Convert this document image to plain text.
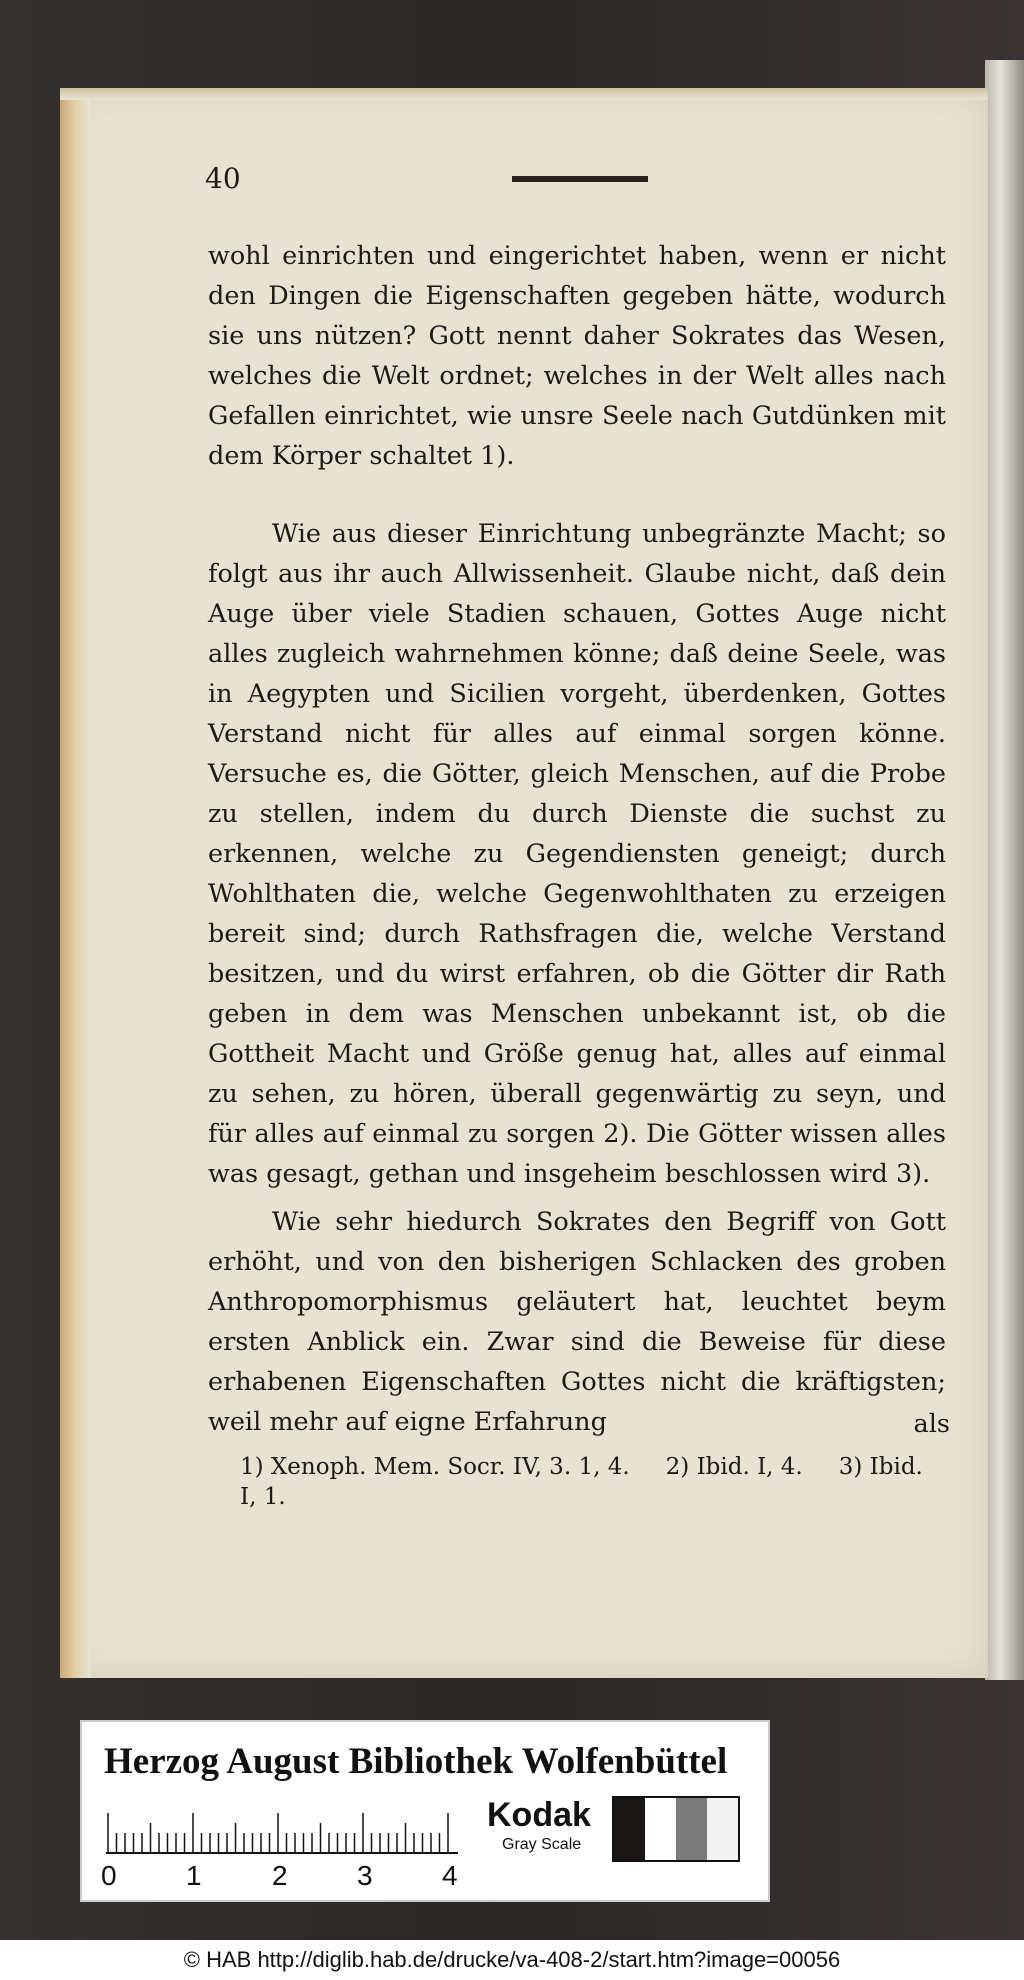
40

wohl einrichten und eingerichtet haben, wenn er nicht den Dingen die Eigenschaften gegeben hätte, wodurch sie uns nützen? Gott nennt daher Sokrates das Wesen, welches die Welt ordnet; welches in der Welt alles nach Gefallen einrichtet, wie unsre Seele nach Gutdünken mit dem Körper schaltet 1).

Wie aus dieser Einrichtung unbegränzte Macht; so folgt aus ihr auch Allwissenheit. Glaube nicht, daß dein Auge über viele Stadien schauen, Gottes Auge nicht alles zugleich wahrnehmen könne; daß deine Seele, was in Aegypten und Sicilien vorgeht, überdenken, Gottes Verstand nicht für alles auf einmal sorgen könne. Versuche es, die Götter, gleich Menschen, auf die Probe zu stellen, indem du durch Dienste die suchst zu erkennen, welche zu Gegendiensten geneigt; durch Wohlthaten die, welche Gegenwohlthaten zu erzeigen bereit sind; durch Rathsfragen die, welche Verstand besitzen, und du wirst erfahren, ob die Götter dir Rath geben in dem was Menschen unbekannt ist, ob die Gottheit Macht und Größe genug hat, alles auf einmal zu sehen, zu hören, überall gegenwärtig zu seyn, und für alles auf einmal zu sorgen 2). Die Götter wissen alles was gesagt, gethan und insgeheim beschlossen wird 3).

Wie sehr hiedurch Sokrates den Begriff von Gott erhöht, und von den bisherigen Schlacken des groben Anthropomorphismus geläutert hat, leuchtet beym ersten Anblick ein. Zwar sind die Beweise für diese erhabenen Eigenschaften Gottes nicht die kräftigsten; weil mehr auf eigne Erfahrung	als

1) Xenoph. Mem. Socr. IV, 3. 1, 4. 2) Ibid. I, 4. 3) Ibid. I, 1.

Herzog August Bibliothek Wolfenbüttel
0 1	2 3 4
Kodak
Gray Scale
© HAB http://diglib.hab.de/drucke/va-408-2/start.htm?image=00056
